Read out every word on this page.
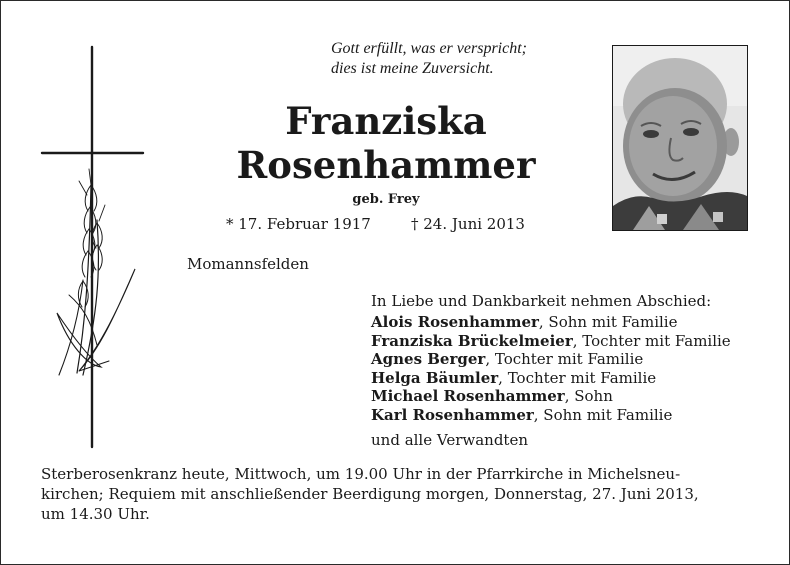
Gott erfüllt, was er verspricht;
dies ist meine Zuversicht.
Franziska
Rosenhammer
geb. Frey
* 17. Februar 1917	† 24. Juni 2013
Momannsfelden
In Liebe und Dankbarkeit nehmen Abschied:
Alois Rosenhammer, Sohn mit Familie
Franziska Brückelmeier, Tochter mit Familie
Agnes Berger, Tochter mit Familie
Helga Bäumler, Tochter mit Familie
Michael Rosenhammer, Sohn
Karl Rosenhammer, Sohn mit Familie
und alle Verwandten
Sterberosenkranz heute, Mittwoch, um 19.00 Uhr in der Pfarrkirche in Michelsneu-
kirchen; Requiem mit anschließender Beerdigung morgen, Donnerstag, 27. Juni 2013,
um 14.30 Uhr.
